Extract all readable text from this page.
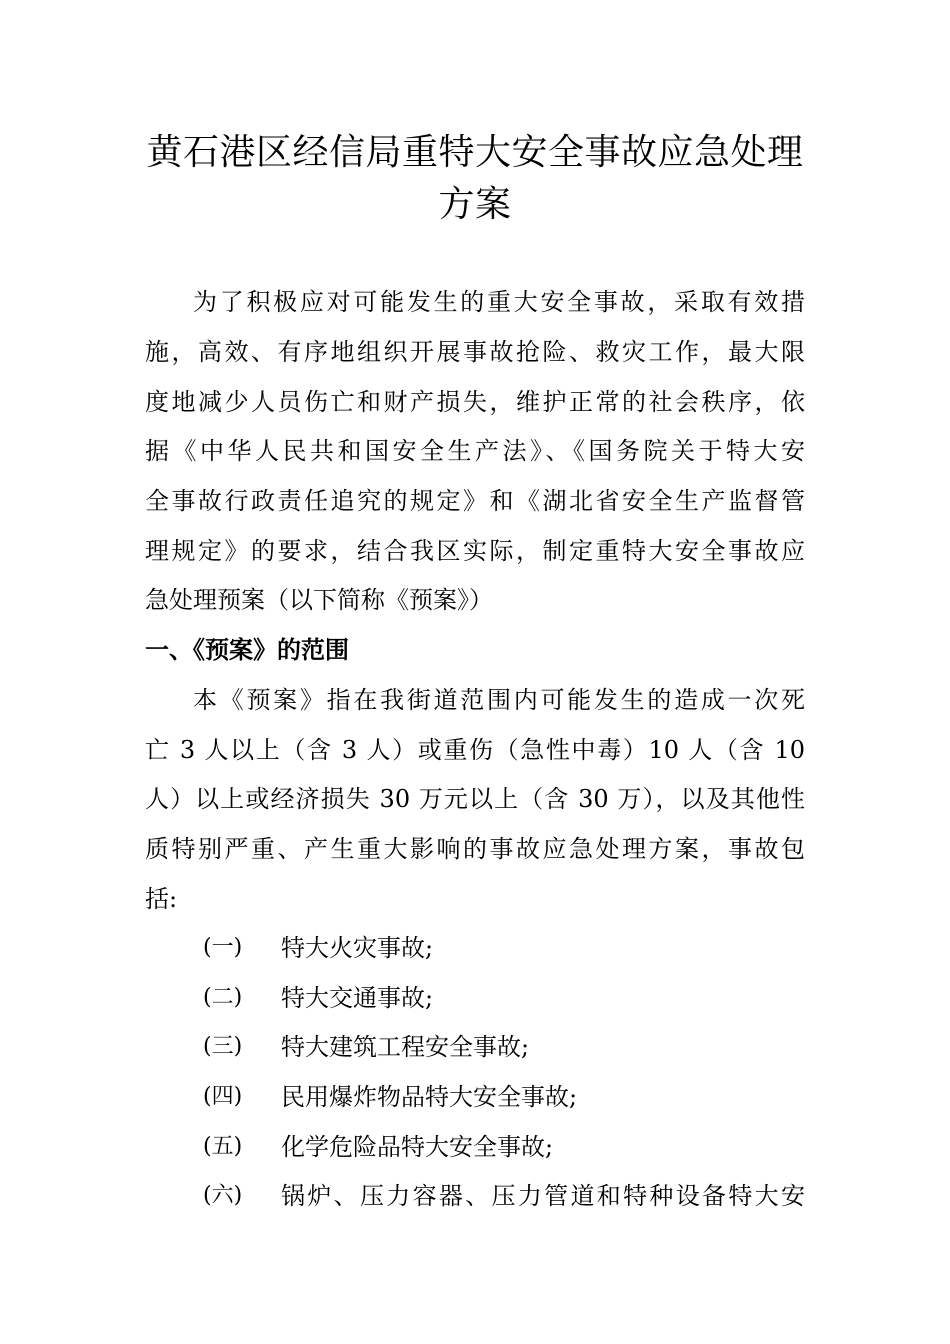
黄石港区经信局重特大安全事故应急处理
方案
为了积极应对可能发生的重大安全事故，采取有效措
施，高效、有序地组织开展事故抢险、救灾工作，最大限
度地减少人员伤亡和财产损失，维护正常的社会秩序，依
据《中华人民共和国安全生产法》、《国务院关于特大安
全事故行政责任追究的规定》和《湖北省安全生产监督管
理规定》的要求，结合我区实际，制定重特大安全事故应
急处理预案（以下简称《预案》）
一、《预案》的范围
本《预案》指在我街道范围内可能发生的造成一次死
亡 3 人以上（含 3 人）或重伤（急性中毒）10 人（含 10
人）以上或经济损失 30 万元以上（含 30 万），以及其他性
质特别严重、产生重大影响的事故应急处理方案，事故包
括:
(一) 特大火灾事故;
(二) 特大交通事故;
(三) 特大建筑工程安全事故;
(四) 民用爆炸物品特大安全事故;
(五) 化学危险品特大安全事故;
(六) 锅炉、压力容器、压力管道和特种设备特大安
